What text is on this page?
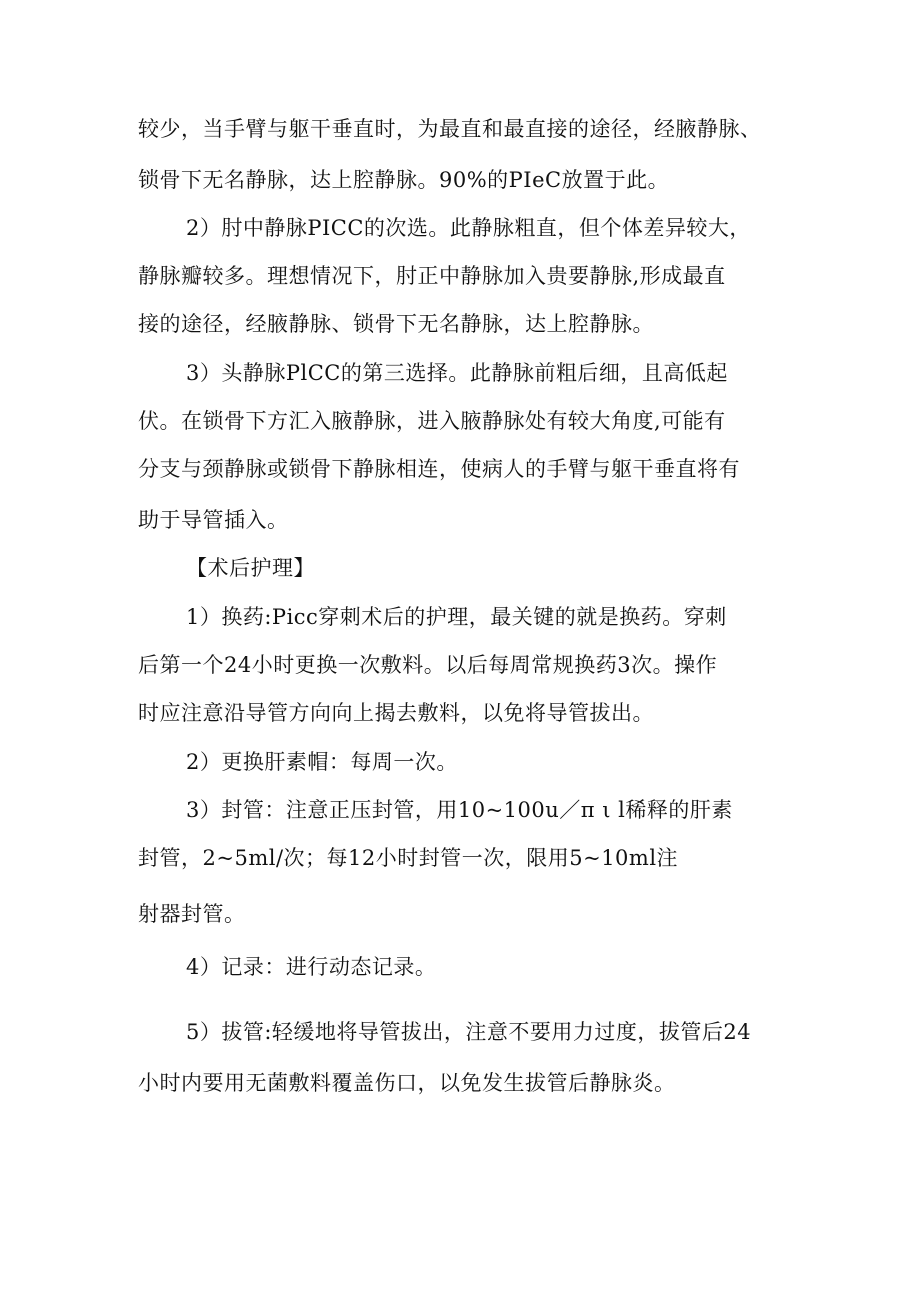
较少，当手臂与躯干垂直时，为最直和最直接的途径，经腋静脉、
锁骨下无名静脉，达上腔静脉。90%的PIeC放置于此。
2）肘中静脉PICC的次选。此静脉粗直，但个体差异较大，
静脉瓣较多。理想情况下，肘正中静脉加入贵要静脉,形成最直
接的途径，经腋静脉、锁骨下无名静脉，达上腔静脉。
3）头静脉PlCC的第三选择。此静脉前粗后细，且高低起
伏。在锁骨下方汇入腋静脉，进入腋静脉处有较大角度,可能有
分支与颈静脉或锁骨下静脉相连，使病人的手臂与躯干垂直将有
助于导管插入。
【术后护理】
1）换药:Picc穿刺术后的护理，最关键的就是换药。穿刺
后第一个24小时更换一次敷料。以后每周常规换药3次。操作
时应注意沿导管方向向上揭去敷料，以免将导管拔出。
2）更换肝素帽：每周一次。
3）封管：注意正压封管，用10~100u／π ι l稀释的肝素
封管，2~5ml/次；每12小时封管一次，限用5~10ml注
射器封管。
4）记录：进行动态记录。
5）拔管:轻缓地将导管拔出，注意不要用力过度，拔管后24
小时内要用无菌敷料覆盖伤口，以免发生拔管后静脉炎。
